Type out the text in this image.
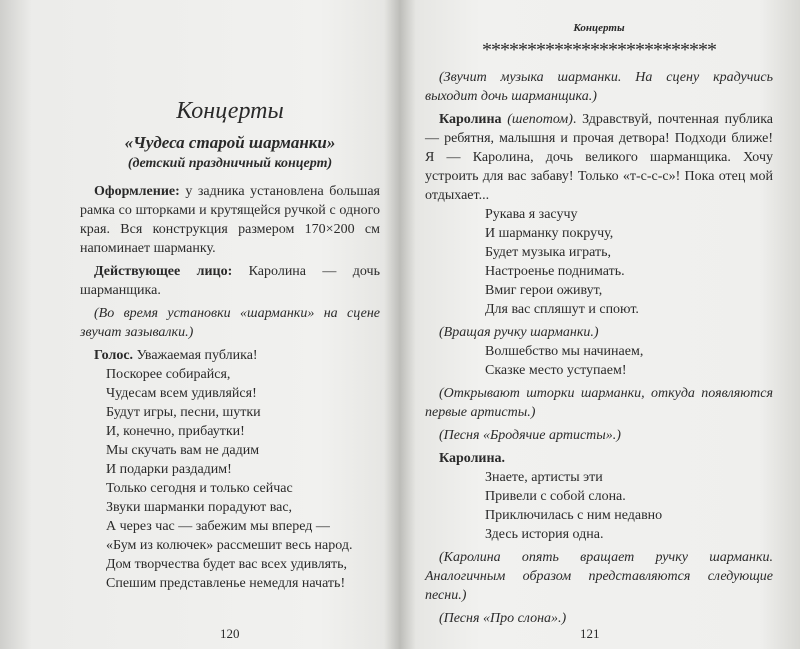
Концерты
«Чудеса старой шарманки»
(детский праздничный концерт)

Оформление: у задника установлена большая рамка со шторками и крутящейся ручкой с одного края. Вся конструкция размером 170×200 см напоминает шарманку.

Действующее лицо: Каролина — дочь шарманщика.

(Во время установки «шарманки» на сцене звучат зазывалки.)

Голос. Уважаемая публика!

Поскорее собирайся,
Чудесам всем удивляйся!
Будут игры, песни, шутки
И, конечно, прибаутки!
Мы скучать вам не дадим
И подарки раздадим!
Только сегодня и только сейчас
Звуки шарманки порадуют вас,
А через час — забежим мы вперед —
«Бум из колючек» рассмешит весь народ.
Дом творчества будет вас всех удивлять,
Спешим представленье немедля начать!
120
Концерты
**************************

(Звучит музыка шарманки. На сцену крадучись выходит дочь шарманщика.)

Каролина (шепотом). Здравствуй, почтенная публика — ребятня, малышня и прочая детвора! Подходи ближе! Я — Каролина, дочь великого шарманщика. Хочу устроить для вас забаву! Только «т-с-с-с»! Пока отец мой отдыхает...

Рукава я засучу
И шарманку покручу,
Будет музыка играть,
Настроенье поднимать.
Вмиг герои оживут,
Для вас спляшут и споют.

(Вращая ручку шарманки.)

Волшебство мы начинаем,
Сказке место уступаем!

(Открывают шторки шарманки, откуда появляются первые артисты.)

(Песня «Бродячие артисты».)

Каролина.

Знаете, артисты эти
Привели с собой слона.
Приключилась с ним недавно
Здесь история одна.

(Каролина опять вращает ручку шарманки. Аналогичным образом представляются следующие песни.)

(Песня «Про слона».)

121
